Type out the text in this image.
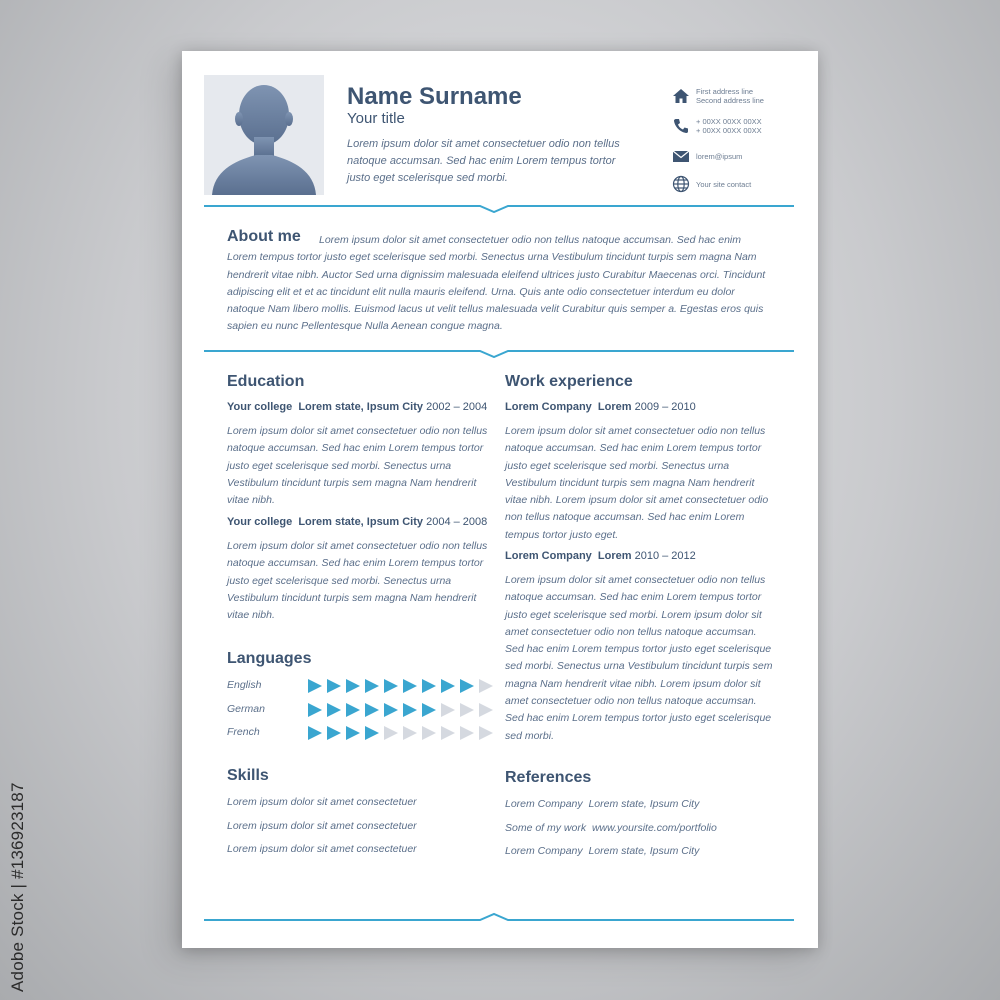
Adobe Stock | #136923187
Name Surname
Your title
Lorem ipsum dolor sit amet consectetuer odio non tellus natoque accumsan. Sed hac enim Lorem tempus tortor justo eget scelerisque sed morbi.
First address line
Second address line
+ 00XX 00XX 00XX
+ 00XX 00XX 00XX
lorem@ipsum
Your site contact
About me	Lorem ipsum dolor sit amet consectetuer odio non tellus natoque accumsan. Sed hac enim Lorem tempus tortor justo eget scelerisque sed morbi. Senectus urna Vestibulum tincidunt turpis sem magna Nam hendrerit vitae nibh. Auctor Sed urna dignissim malesuada eleifend ultrices justo Curabitur Maecenas orci. Tincidunt adipiscing elit et et ac tincidunt elit nulla mauris eleifend. Urna. Quis ante odio consectetuer interdum eu dolor natoque Nam libero mollis. Euismod lacus ut velit tellus malesuada velit Curabitur quis semper a. Egestas eros quis sapien eu nunc Pellentesque Nulla Aenean congue magna.
Education
Your college Lorem state, Ipsum City 2002 – 2004
Lorem ipsum dolor sit amet consectetuer odio non tellus natoque accumsan. Sed hac enim Lorem tempus tortor justo eget scelerisque sed morbi. Senectus urna Vestibulum tincidunt turpis sem magna Nam hendrerit vitae nibh.
Your college Lorem state, Ipsum City 2004 – 2008
Lorem ipsum dolor sit amet consectetuer odio non tellus natoque accumsan. Sed hac enim Lorem tempus tortor justo eget scelerisque sed morbi. Senectus urna Vestibulum tincidunt turpis sem magna Nam hendrerit vitae nibh.
Languages
English
German
French
Skills
Lorem ipsum dolor sit amet consectetuer
Lorem ipsum dolor sit amet consectetuer
Lorem ipsum dolor sit amet consectetuer
Work experience
Lorem Company Lorem 2009 – 2010
Lorem ipsum dolor sit amet consectetuer odio non tellus natoque accumsan. Sed hac enim Lorem tempus tortor justo eget scelerisque sed morbi. Senectus urna Vestibulum tincidunt turpis sem magna Nam hendrerit vitae nibh. Lorem ipsum dolor sit amet consectetuer odio non tellus natoque accumsan. Sed hac enim Lorem tempus tortor justo eget.
Lorem Company Lorem 2010 – 2012
Lorem ipsum dolor sit amet consectetuer odio non tellus natoque accumsan. Sed hac enim Lorem tempus tortor justo eget scelerisque sed morbi. Lorem ipsum dolor sit amet consectetuer odio non tellus natoque accumsan. Sed hac enim Lorem tempus tortor justo eget scelerisque sed morbi. Senectus urna Vestibulum tincidunt turpis sem magna Nam hendrerit vitae nibh. Lorem ipsum dolor sit amet consectetuer odio non tellus natoque accumsan. Sed hac enim Lorem tempus tortor justo eget scelerisque sed morbi.
References
Lorem Company Lorem state, Ipsum City
Some of my work www.yoursite.com/portfolio
Lorem Company Lorem state, Ipsum City
